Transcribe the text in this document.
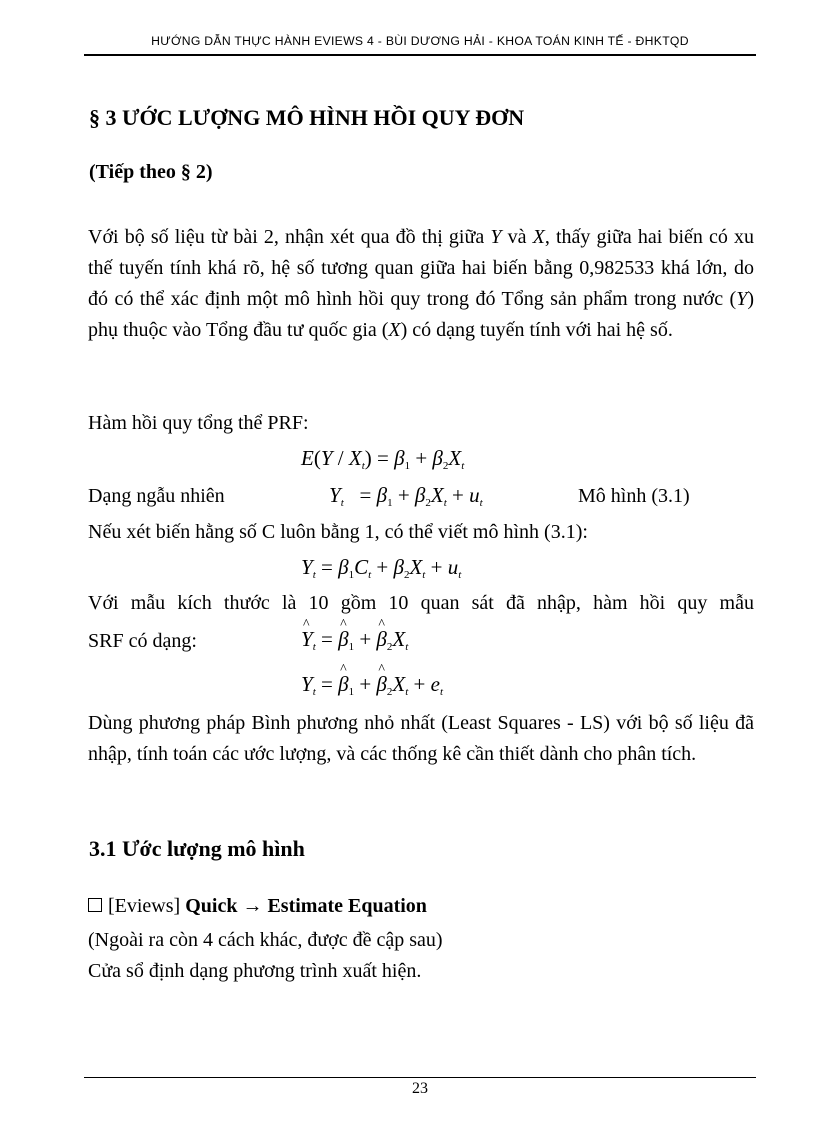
HƯỚNG DẪN THỰC HÀNH EVIEWS 4 - BÙI DƯƠNG HẢI - KHOA TOÁN KINH TẾ - ĐHKTQD
§ 3 ƯỚC LƯỢNG MÔ HÌNH HỒI QUY ĐƠN
(Tiếp theo § 2)

Với bộ số liệu từ bài 2, nhận xét qua đồ thị giữa Y và X, thấy giữa hai biến có xu thế tuyến tính khá rõ, hệ số tương quan giữa hai biến bằng 0,982533 khá lớn, do đó có thể xác định một mô hình hồi quy trong đó Tổng sản phẩm trong nước (Y) phụ thuộc vào Tổng đầu tư quốc gia (X) có dạng tuyến tính với hai hệ số.

Hàm hồi quy tổng thể PRF:
$E(Y / X_t) = \beta_1 + \beta_2X_t$
Dạng ngẫu nhiên	$Y_t = \beta_1 + \beta_2X_t + u_t$	Mô hình (3.1)
Nếu xét biến hằng số C luôn bằng 1, có thể viết mô hình (3.1):
$Y_t = \beta_1C_t + \beta_2X_t + u_t$
Với mẫu kích thước là 10 gồm 10 quan sát đã nhập, hàm hồi quy mẫu
SRF có dạng:	^ $Y_t$ = ^ $\beta_1$ + ^ $\beta_2X_t$
$Y_t$ = ^ $\beta_1$ + ^ $\beta_2X_t + e_t$

Dùng phương pháp Bình phương nhỏ nhất (Least Squares - LS) với bộ số liệu đã nhập, tính toán các ước lượng, và các thống kê cần thiết dành cho phân tích.

3.1 Ước lượng mô hình
[Eviews] Quick → Estimate Equation
(Ngoài ra còn 4 cách khác, được đề cập sau)
Cửa sổ định dạng phương trình xuất hiện.
23
